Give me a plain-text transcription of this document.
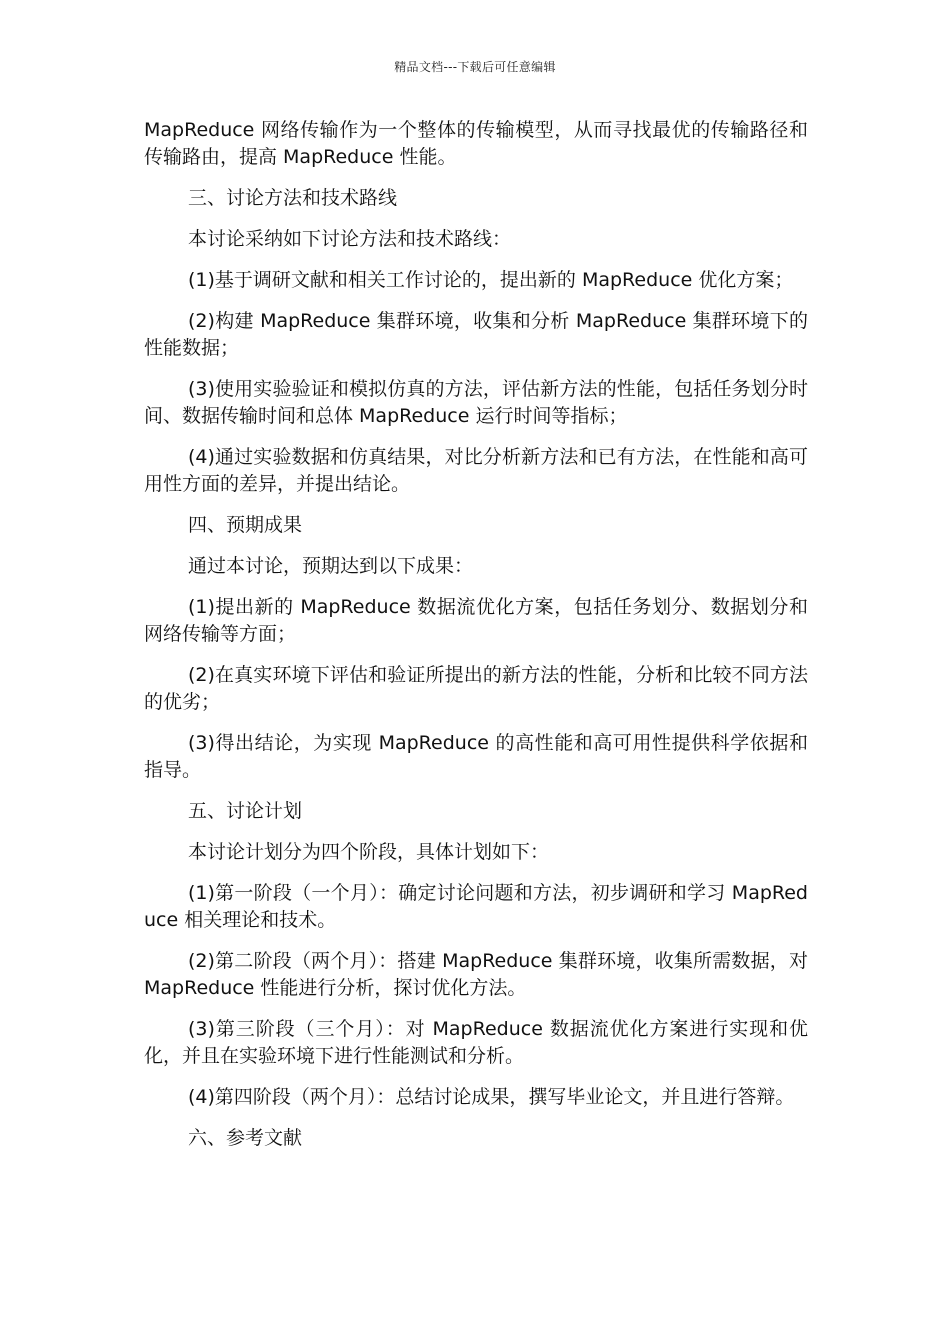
精品文档---下载后可任意编辑

MapReduce 网络传输作为一个整体的传输模型，从而寻找最优的传输路径和传输路由，提高 MapReduce 性能。

三、讨论方法和技术路线

本讨论采纳如下讨论方法和技术路线：

(1)基于调研文献和相关工作讨论的，提出新的 MapReduce 优化方案；

(2)构建 MapReduce 集群环境，收集和分析 MapReduce 集群环境下的性能数据；

(3)使用实验验证和模拟仿真的方法，评估新方法的性能，包括任务划分时间、数据传输时间和总体 MapReduce 运行时间等指标；

(4)通过实验数据和仿真结果，对比分析新方法和已有方法，在性能和高可用性方面的差异，并提出结论。

四、预期成果

通过本讨论，预期达到以下成果：

(1)提出新的 MapReduce 数据流优化方案，包括任务划分、数据划分和网络传输等方面；

(2)在真实环境下评估和验证所提出的新方法的性能，分析和比较不同方法的优劣；

(3)得出结论，为实现 MapReduce 的高性能和高可用性提供科学依据和指导。

五、讨论计划

本讨论计划分为四个阶段，具体计划如下：

(1)第一阶段（一个月）：确定讨论问题和方法，初步调研和学习 MapReduce 相关理论和技术。

(2)第二阶段（两个月）：搭建 MapReduce 集群环境，收集所需数据，对 MapReduce 性能进行分析，探讨优化方法。

(3)第三阶段（三个月）：对 MapReduce 数据流优化方案进行实现和优化，并且在实验环境下进行性能测试和分析。

(4)第四阶段（两个月）：总结讨论成果，撰写毕业论文，并且进行答辩。

六、参考文献
